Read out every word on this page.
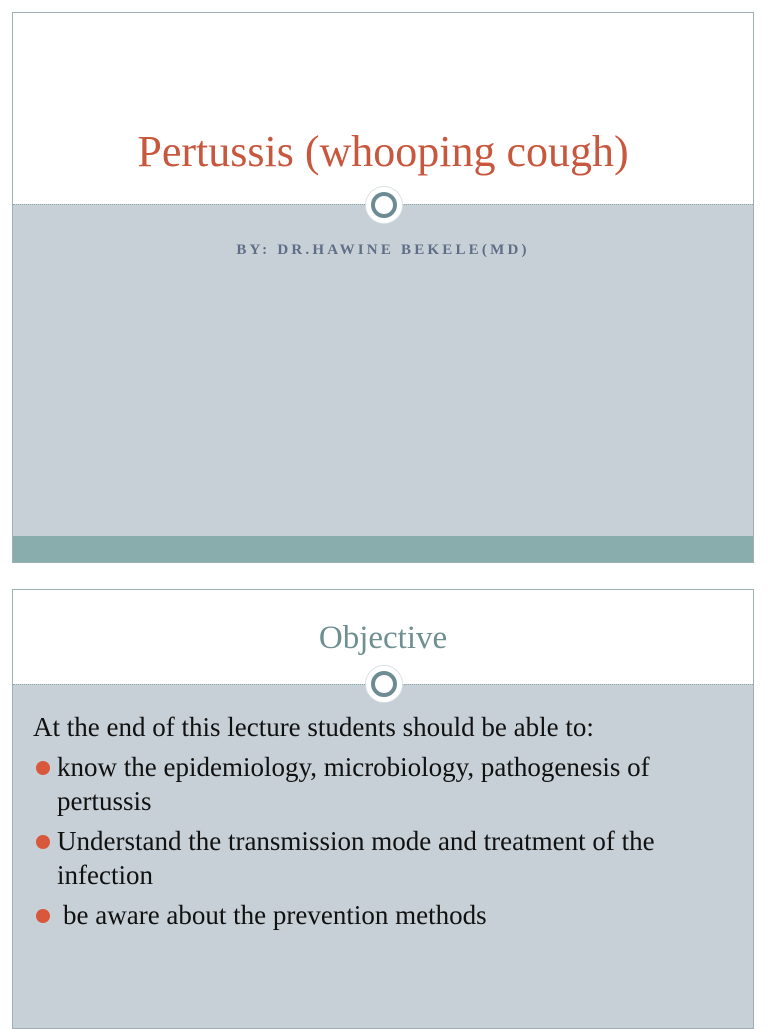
Pertussis (whooping cough)
BY: DR.HAWINE BEKELE(MD)
Objective

At the end of this lecture students should be able to:

know the epidemiology, microbiology, pathogenesis of pertussis
Understand the transmission mode and treatment of the infection
be aware about the prevention methods
